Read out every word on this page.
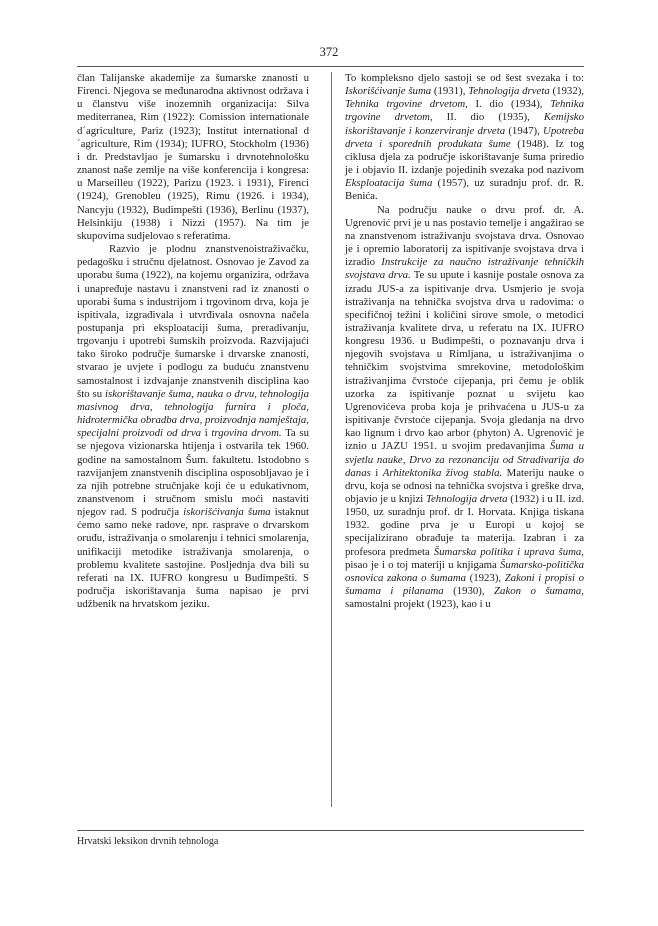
372

član Talijanske akademije za šumarske znanosti u Firenci. Njegova se međunarodna aktivnost održava i u članstvu više inozemnih organizacija: Silva mediterranea, Rim (1922): Comission internationale d´agriculture, Pariz (1923); Institut international d´agriculture, Rim (1934); IUFRO, Stockholm (1936) i dr. Predstavljao je šumarsku i drvnotehnološku znanost naše zemlje na više konferencija i kongresa: u Marseilleu (1922), Parizu (1923. i 1931), Firenci (1924), Grenobleu (1925), Rimu (1926. i 1934), Nancyju (1932), Budimpešti (1936), Berlinu (1937), Helsinkiju (1938) i Nizzi (1957). Na tim je skupovima sudjelovao s referatima.

Razvio je plodnu znanstvenoistraživačku, pedagošku i stručnu djelatnost. Osnovao je Zavod za uporabu šuma (1922), na kojemu organizira, održava i unapređuje nastavu i znanstveni rad iz znanosti o uporabi šuma s industrijom i trgovinom drva, koja je ispitivala, izgrađivala i utvrđivala osnovna načela postupanja pri eksploataciji šuma, preradivanju, trgovanju i upotrebi šumskih proizvoda. Razvijajući tako široko područje šumarske i drvarske znanosti, stvarao je uvjete i podlogu za buduću znanstvenu samostalnost i izdvajanje znanstvenih disciplina kao što su iskorištavanje šuma, nauka o drvu, tehnologija masivnog drva, tehnologija furnira i ploča, hidrotermička obradba drva, proizvodnja namještaja, specijalni proizvodi od drva i trgovina drvom. Ta su se njegova vizionarska htijenja i ostvarila tek 1960. godine na samostalnom Šum. fakultetu. Istodobno s razvijanjem znanstvenih disciplina osposobljavao je i za njih potrebne stručnjake koji će u edukativnom, znanstvenom i stručnom smislu moći nastaviti njegov rad. S područja iskorišćivanja šuma istaknut ćemo samo neke radove, npr. rasprave o drvarskom oruđu, istraživanja o smolarenju i tehnici smolarenja, unifikaciji metodike istraživanja smolarenja, o problemu kvalitete sastojine. Posljednja dva bili su referati na IX. IUFRO kongresu u Budimpešti. S područja iskorištavanja šuma napisao je prvi udžbenik na hrvatskom jeziku.

To kompleksno djelo sastoji se od šest svezaka i to: Iskorišćivanje šuma (1931), Tehnologija drveta (1932), Tehnika trgovine drvetom, I. dio (1934), Tehnika trgovine drvetom, II. dio (1935), Kemijsko iskorištavanje i konzerviranje drveta (1947), Upotreba drveta i sporednih produkata šume (1948). Iz tog ciklusa djela za područje iskorištavanje šuma priredio je i objavio II. izdanje pojedinih svezaka pod nazivom Eksploatacija šuma (1957), uz suradnju prof. dr. R. Benića.

Na području nauke o drvu prof. dr. A. Ugrenović prvi je u nas postavio temelje i angažirao se na znanstvenom istraživanju svojstava drva. Osnovao je i opremio laboratorij za ispitivanje svojstava drva i izradio Instrukcije za naučno istraživanje tehničkih svojstava drva. Te su upute i kasnije postale osnova za izradu JUS-a za ispitivanje drva. Usmjerio je svoja istraživanja na tehnička svojstva drva u radovima: o specifičnoj težini i količini sirove smole, o metodici istraživanja kvalitete drva, u referatu na IX. IUFRO kongresu 1936. u Budimpešti, o poznavanju drva i njegovih svojstava u Rimljana, u istraživanjima o tehničkim svojstvima smrekovine, metodološkim istraživanjima čvrstoće cijepanja, pri čemu je oblik uzorka za ispitivanje poznat u svijetu kao Ugrenovićeva proba koja je prihvaćena u JUS-u za ispitivanje čvrstoće cijepanja. Svoja gledanja na drvo kao lignum i drvo kao arbor (phyton) A. Ugrenović je iznio u JAZU 1951. u svojim predavanjima Šuma u svjetlu nauke, Drvo za rezonanciju od Stradivarija do danas i Arhitektonika živog stabla. Materiju nauke o drvu, koja se odnosi na tehnička svojstva i greške drva, objavio je u knjizi Tehnologija drveta (1932) i u II. izd. 1950, uz suradnju prof. dr I. Horvata. Knjiga tiskana 1932. godine prva je u Europi u kojoj se specijalizirano obrađuje ta materija. Izabran i za profesora predmeta Šumarska politika i uprava šuma, pisao je i o toj materiji u knjigama Šumarsko-politička osnovica zakona o šumama (1923), Zakoni i propisi o šumama i pilanama (1930), Zakon o šumama, samostalni projekt (1923), kao i u

Hrvatski leksikon drvnih tehnologa
